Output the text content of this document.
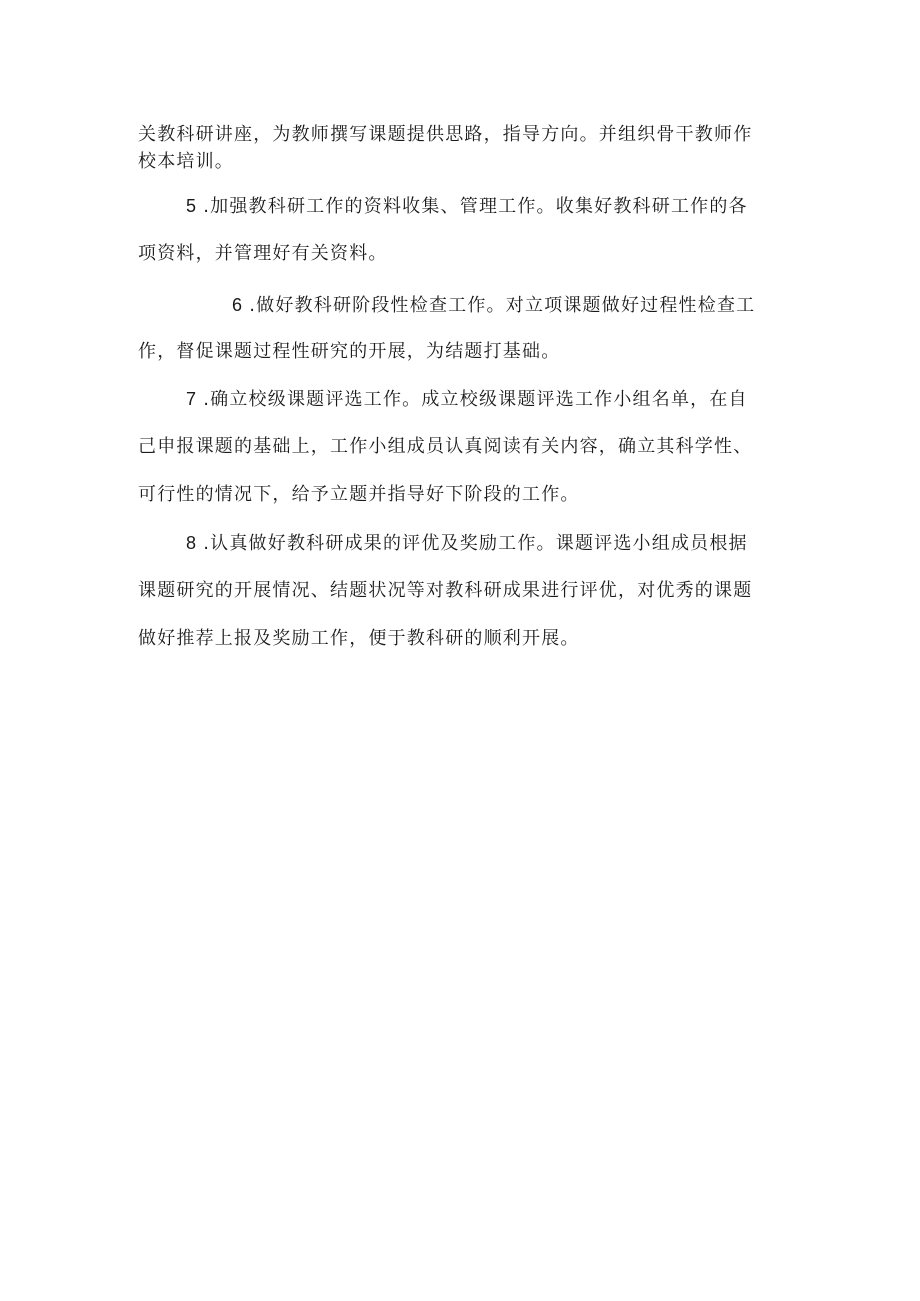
关教科研讲座，为教师撰写课题提供思路，指导方向。并组织骨干教师作
校本培训。
5 .加强教科研工作的资料收集、管理工作。收集好教科研工作的各
项资料，并管理好有关资料。
6 .做好教科研阶段性检查工作。对立项课题做好过程性检查工
作，督促课题过程性研究的开展，为结题打基础。
7 .确立校级课题评选工作。成立校级课题评选工作小组名单，在自
己申报课题的基础上，工作小组成员认真阅读有关内容，确立其科学性、
可行性的情况下，给予立题并指导好下阶段的工作。
8 .认真做好教科研成果的评优及奖励工作。课题评选小组成员根据
课题研究的开展情况、结题状况等对教科研成果进行评优，对优秀的课题
做好推荐上报及奖励工作，便于教科研的顺利开展。
